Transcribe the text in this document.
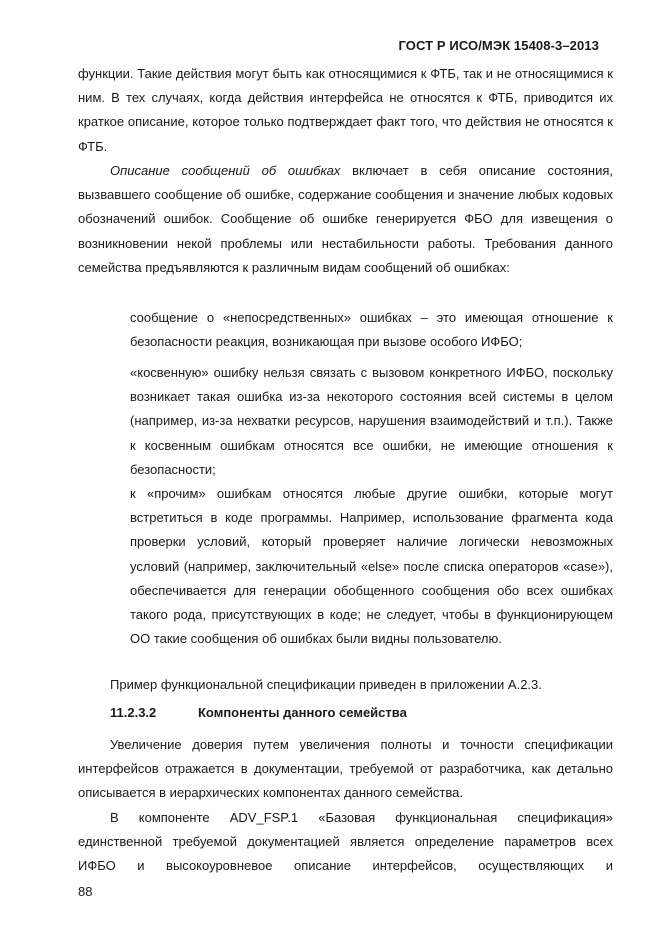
ГОСТ Р ИСО/МЭК 15408-3–2013

функции. Такие действия могут быть как относящимися к ФТБ, так и не относящимися к ним. В тех случаях, когда действия интерфейса не относятся к ФТБ, приводится их краткое описание, которое только подтверждает факт того, что действия не относятся к ФТБ.

Описание сообщений об ошибках включает в себя описание состояния, вызвавшего сообщение об ошибке, содержание сообщения и значение любых кодовых обозначений ошибок. Сообщение об ошибке генерируется ФБО для извещения о возникновении некой проблемы или нестабильности работы. Требования данного семейства предъявляются к различным видам сообщений об ошибках:

сообщение о «непосредственных» ошибках – это имеющая отношение к безопасности реакция, возникающая при вызове особого ИФБО;

«косвенную» ошибку нельзя связать с вызовом конкретного ИФБО, поскольку возникает такая ошибка из-за некоторого состояния всей системы в целом (например, из-за нехватки ресурсов, нарушения взаимодействий и т.п.). Также к косвенным ошибкам относятся все ошибки, не имеющие отношения к безопасности;

к «прочим» ошибкам относятся любые другие ошибки, которые могут встретиться в коде программы. Например, использование фрагмента кода проверки условий, который проверяет наличие логически невозможных условий (например, заключительный «else» после списка операторов «case»), обеспечивается для генерации обобщенного сообщения обо всех ошибках такого рода, присутствующих в коде; не следует, чтобы в функционирующем ОО такие сообщения об ошибках были видны пользователю.

Пример функциональной спецификации приведен в приложении А.2.3.

11.2.3.2	Компоненты данного семейства

Увеличение доверия путем увеличения полноты и точности спецификации интерфейсов отражается в документации, требуемой от разработчика, как детально описывается в иерархических компонентах данного семейства.

В компоненте ADV_FSP.1 «Базовая функциональная спецификация» единственной требуемой документацией является определение параметров всех ИФБО и высокоуровневое описание интерфейсов, осуществляющих и

88
